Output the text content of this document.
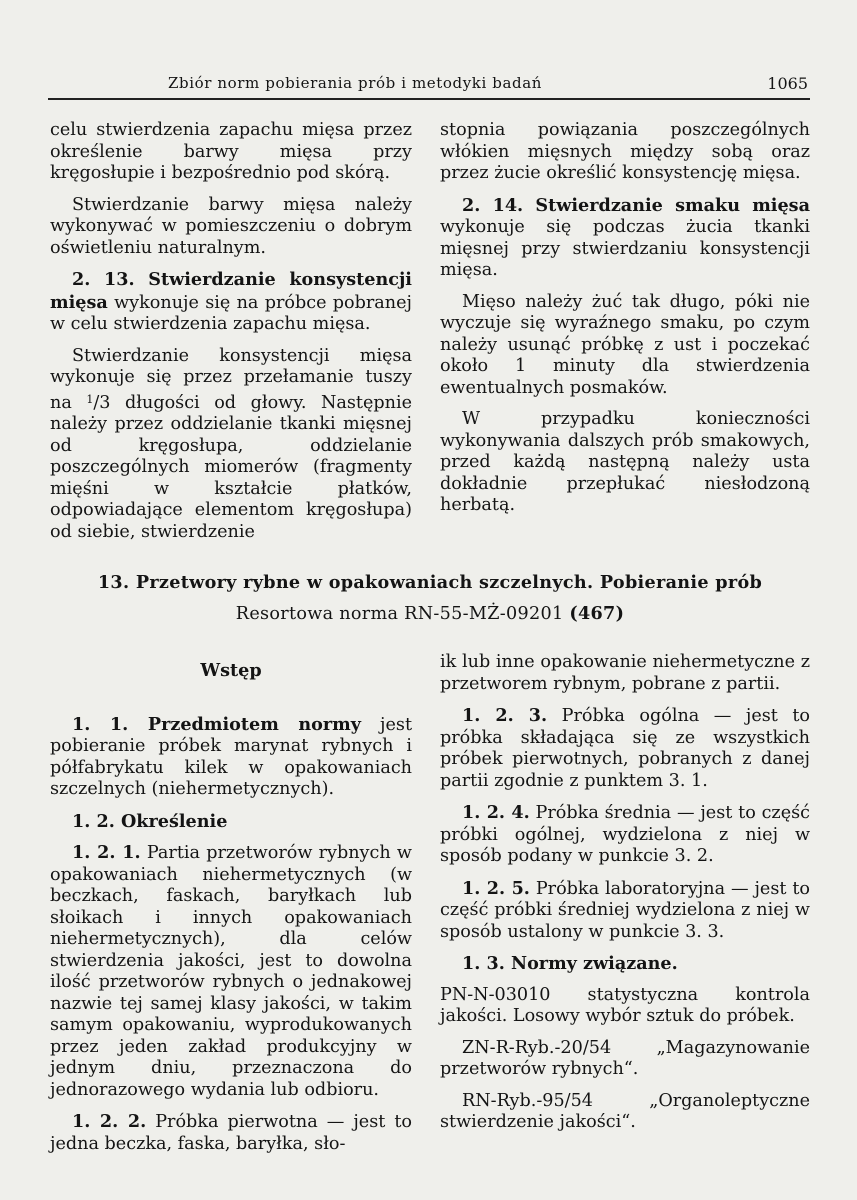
Zbiór norm pobierania prób i metodyki badań	1065

celu stwierdzenia zapachu mięsa przez określenie barwy mięsa przy kręgosłupie i bezpośrednio pod skórą.

Stwierdzanie barwy mięsa należy wykonywać w pomieszczeniu o dobrym oświetleniu naturalnym.

2. 13. Stwierdzanie konsystencji mięsa wykonuje się na próbce pobranej w celu stwierdzenia zapachu mięsa.

Stwierdzanie konsystencji mięsa wykonuje się przez przełamanie tuszy na $^1$/3 długości od głowy. Następnie należy przez oddzielanie tkanki mięsnej od kręgosłupa, oddzielanie poszczególnych miomerów (fragmenty mięśni w kształcie płatków, odpowiadające elementom kręgosłupa) od siebie, stwierdzenie

stopnia powiązania poszczególnych włókien mięsnych między sobą oraz przez żucie określić konsystencję mięsa.

2. 14. Stwierdzanie smaku mięsa wykonuje się podczas żucia tkanki mięsnej przy stwierdzaniu konsystencji mięsa.

Mięso należy żuć tak długo, póki nie wyczuje się wyraźnego smaku, po czym należy usunąć próbkę z ust i poczekać około 1 minuty dla stwierdzenia ewentualnych posmaków.

W przypadku konieczności wykonywania dalszych prób smakowych, przed każdą następną należy usta dokładnie przepłukać niesłodzoną herbatą.

13. Przetwory rybne w opakowaniach szczelnych. Pobieranie prób
Resortowa norma RN-55-MŻ-09201 (467)
Wstęp

1. 1. Przedmiotem normy jest pobieranie próbek marynat rybnych i półfabrykatu kilek w opakowaniach szczelnych (niehermetycznych).

1. 2. Określenie

1. 2. 1. Partia przetworów rybnych w opakowaniach niehermetycznych (w beczkach, faskach, baryłkach lub słoikach i innych opakowaniach niehermetycznych), dla celów stwierdzenia jakości, jest to dowolna ilość przetworów rybnych o jednakowej nazwie tej samej klasy jakości, w takim samym opakowaniu, wyprodukowanych przez jeden zakład produkcyjny w jednym dniu, przeznaczona do jednorazowego wydania lub odbioru.

1. 2. 2. Próbka pierwotna — jest to jedna beczka, faska, baryłka, sło-

ik lub inne opakowanie niehermetyczne z przetworem rybnym, pobrane z partii.

1. 2. 3. Próbka ogólna — jest to próbka składająca się ze wszystkich próbek pierwotnych, pobranych z danej partii zgodnie z punktem 3. 1.

1. 2. 4. Próbka średnia — jest to część próbki ogólnej, wydzielona z niej w sposób podany w punkcie 3. 2.

1. 2. 5. Próbka laboratoryjna — jest to część próbki średniej wydzielona z niej w sposób ustalony w punkcie 3. 3.

1. 3. Normy związane.

PN-N-03010 statystyczna kontrola jakości. Losowy wybór sztuk do próbek.

ZN-R-Ryb.-20/54 „Magazynowanie przetworów rybnych“.

RN-Ryb.-95/54 „Organoleptyczne stwierdzenie jakości“.
